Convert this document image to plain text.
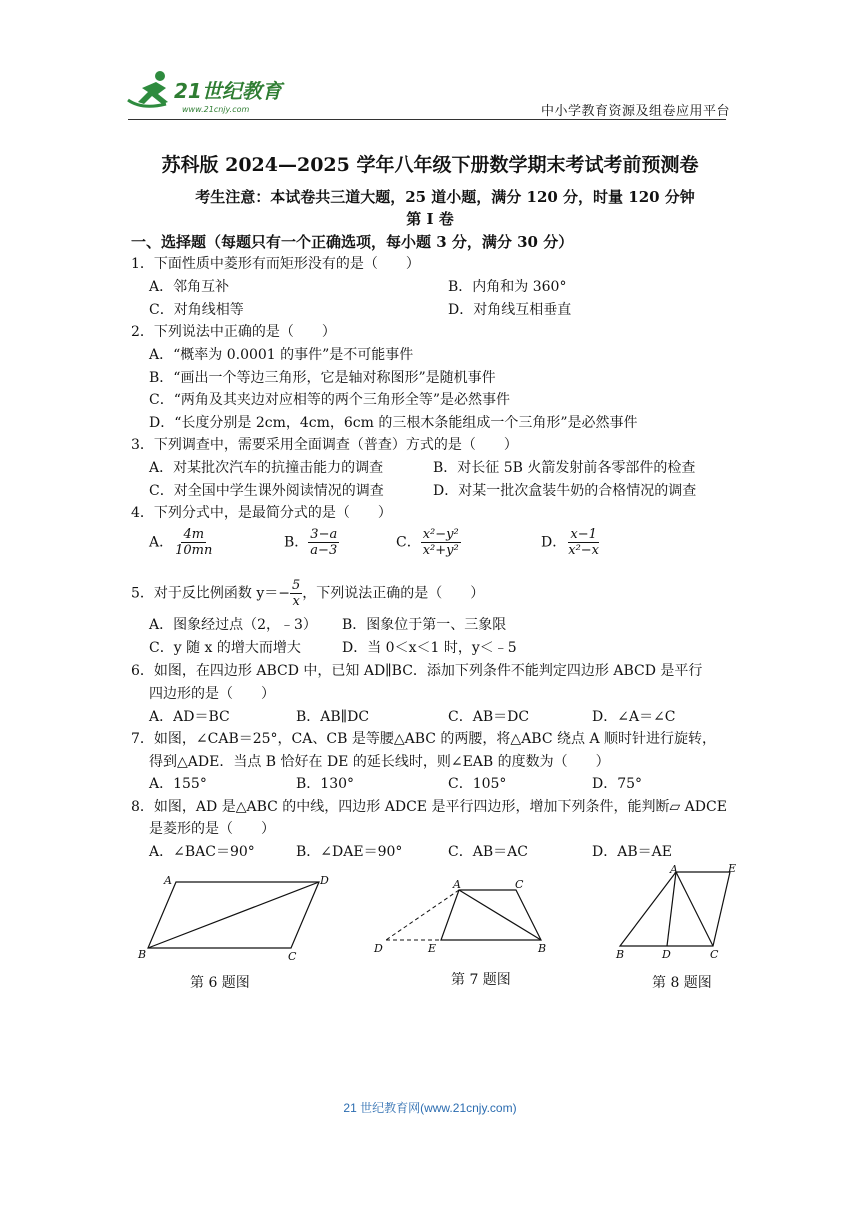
21世纪教育
www.21cnjy.com	中小学教育资源及组卷应用平台
苏科版 2024—2025 学年八年级下册数学期末考试考前预测卷
考生注意：本试卷共三道大题，25 道小题，满分 120 分，时量 120 分钟
第 I 卷
一、选择题（每题只有一个正确选项，每小题 3 分，满分 30 分）
1．下面性质中菱形有而矩形没有的是（　　）
A．邻角互补	B．内角和为 360°
C．对角线相等	D．对角线互相垂直
2．下列说法中正确的是（　　）
A．“概率为 0.0001 的事件”是不可能事件
B．“画出一个等边三角形，它是轴对称图形”是随机事件
C．“两角及其夹边对应相等的两个三角形全等”是必然事件
D．“长度分别是 2cm，4cm，6cm 的三根木条能组成一个三角形”是必然事件
3．下列调查中，需要采用全面调查（普查）方式的是（　　）
A．对某批次汽车的抗撞击能力的调查	B．对长征 5B 火箭发射前各零部件的检查
C．对全国中学生课外阅读情况的调查	D．对某一批次盒装牛奶的合格情况的调查
4．下列分式中，是最简分式的是（　　）
A． $\frac{4m}{10mn}$	B． $\frac{3-a}{a-3}$	C． $\frac{\text{x²−y²}}{\text{x²+y²}}$	D． $\frac{x-1}{\text{x²−x}}$
5．对于反比例函数 $y=- \frac{5}{x}$ ，下列说法正确的是（　　）
A．图象经过点（2，﹣3） B．图象位于第一、三象限
C．y 随 x 的增大而增大	D．当 0＜x＜1 时，y＜﹣5
6．如图，在四边形 ABCD 中，已知 AD∥BC．添加下列条件不能判定四边形 ABCD 是平行
四边形的是（　　）
A．AD＝BC	B．AB∥DC	C．AB＝DC	D．∠A＝∠C
7．如图，∠CAB＝25°，CA、CB 是等腰△ABC 的两腰，将△ABC 绕点 A 顺时针进行旋转，
得到△ADE．当点 B 恰好在 DE 的延长线时，则∠EAB 的度数为（　　）
A．155°	B．130°	C．105°	D．75°
8．如图，AD 是△ABC 的中线，四边形 ADCE 是平行四边形，增加下列条件，能判断▱ ADCE
是菱形的是（　　）
A．∠BAC＝90°	B．∠DAE＝90°	C．AB＝AC	D．AB＝AE
A	D
B	C
第 6 题图
A	C
D	E	B
第 7 题图
A	E
B	D	C
第 8 题图
21 世纪教育网(www.21cnjy.com)
